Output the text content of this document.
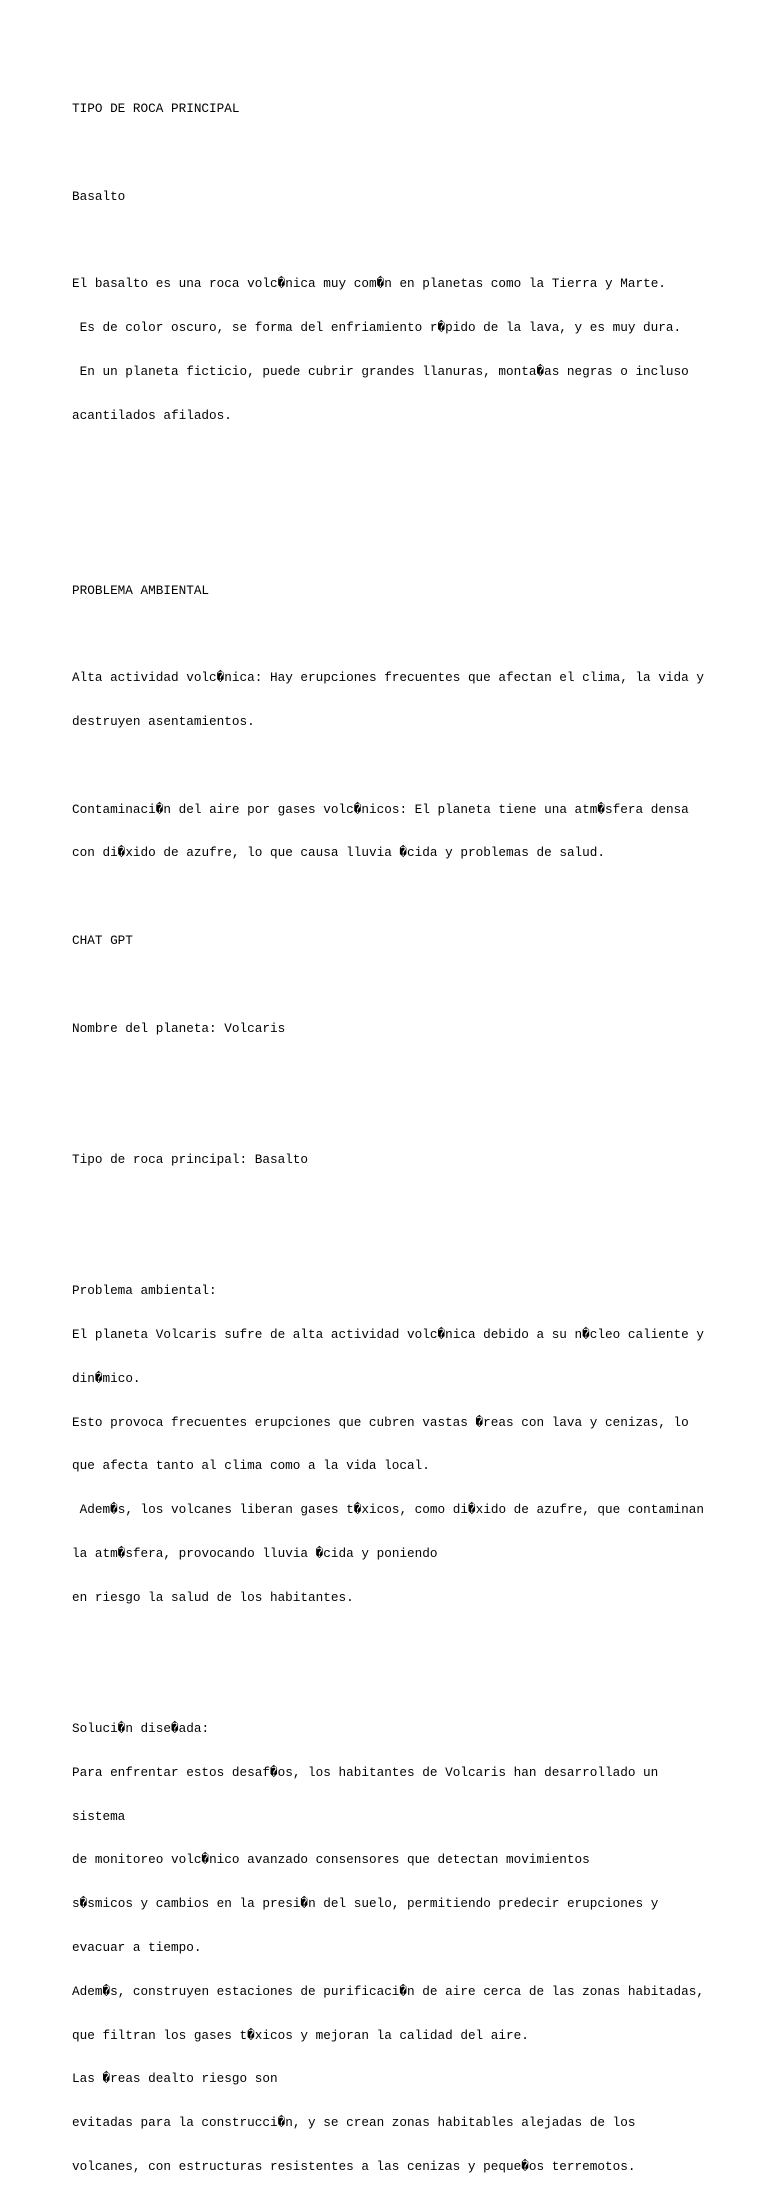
TIPO DE ROCA PRINCIPAL

Basalto

El basalto es una roca volc�nica muy com�n en planetas como la Tierra y Marte.

Es de color oscuro, se forma del enfriamiento r�pido de la lava, y es muy dura.

En un planeta ficticio, puede cubrir grandes llanuras, monta�as negras o incluso

acantilados afilados.

PROBLEMA AMBIENTAL

Alta actividad volc�nica: Hay erupciones frecuentes que afectan el clima, la vida y

destruyen asentamientos.

Contaminaci�n del aire por gases volc�nicos: El planeta tiene una atm�sfera densa

con di�xido de azufre, lo que causa lluvia �cida y problemas de salud.

CHAT GPT

Nombre del planeta: Volcaris

Tipo de roca principal: Basalto

Problema ambiental:

El planeta Volcaris sufre de alta actividad volc�nica debido a su n�cleo caliente y

din�mico.

Esto provoca frecuentes erupciones que cubren vastas �reas con lava y cenizas, lo

que afecta tanto al clima como a la vida local.

Adem�s, los volcanes liberan gases t�xicos, como di�xido de azufre, que contaminan

la atm�sfera, provocando lluvia �cida y poniendo

en riesgo la salud de los habitantes.

Soluci�n dise�ada:

Para enfrentar estos desaf�os, los habitantes de Volcaris han desarrollado un

sistema

de monitoreo volc�nico avanzado consensores que detectan movimientos

s�smicos y cambios en la presi�n del suelo, permitiendo predecir erupciones y

evacuar a tiempo.

Adem�s, construyen estaciones de purificaci�n de aire cerca de las zonas habitadas,

que filtran los gases t�xicos y mejoran la calidad del aire.

Las �reas dealto riesgo son

evitadas para la construcci�n, y se crean zonas habitables alejadas de los

volcanes, con estructuras resistentes a las cenizas y peque�os terremotos.
